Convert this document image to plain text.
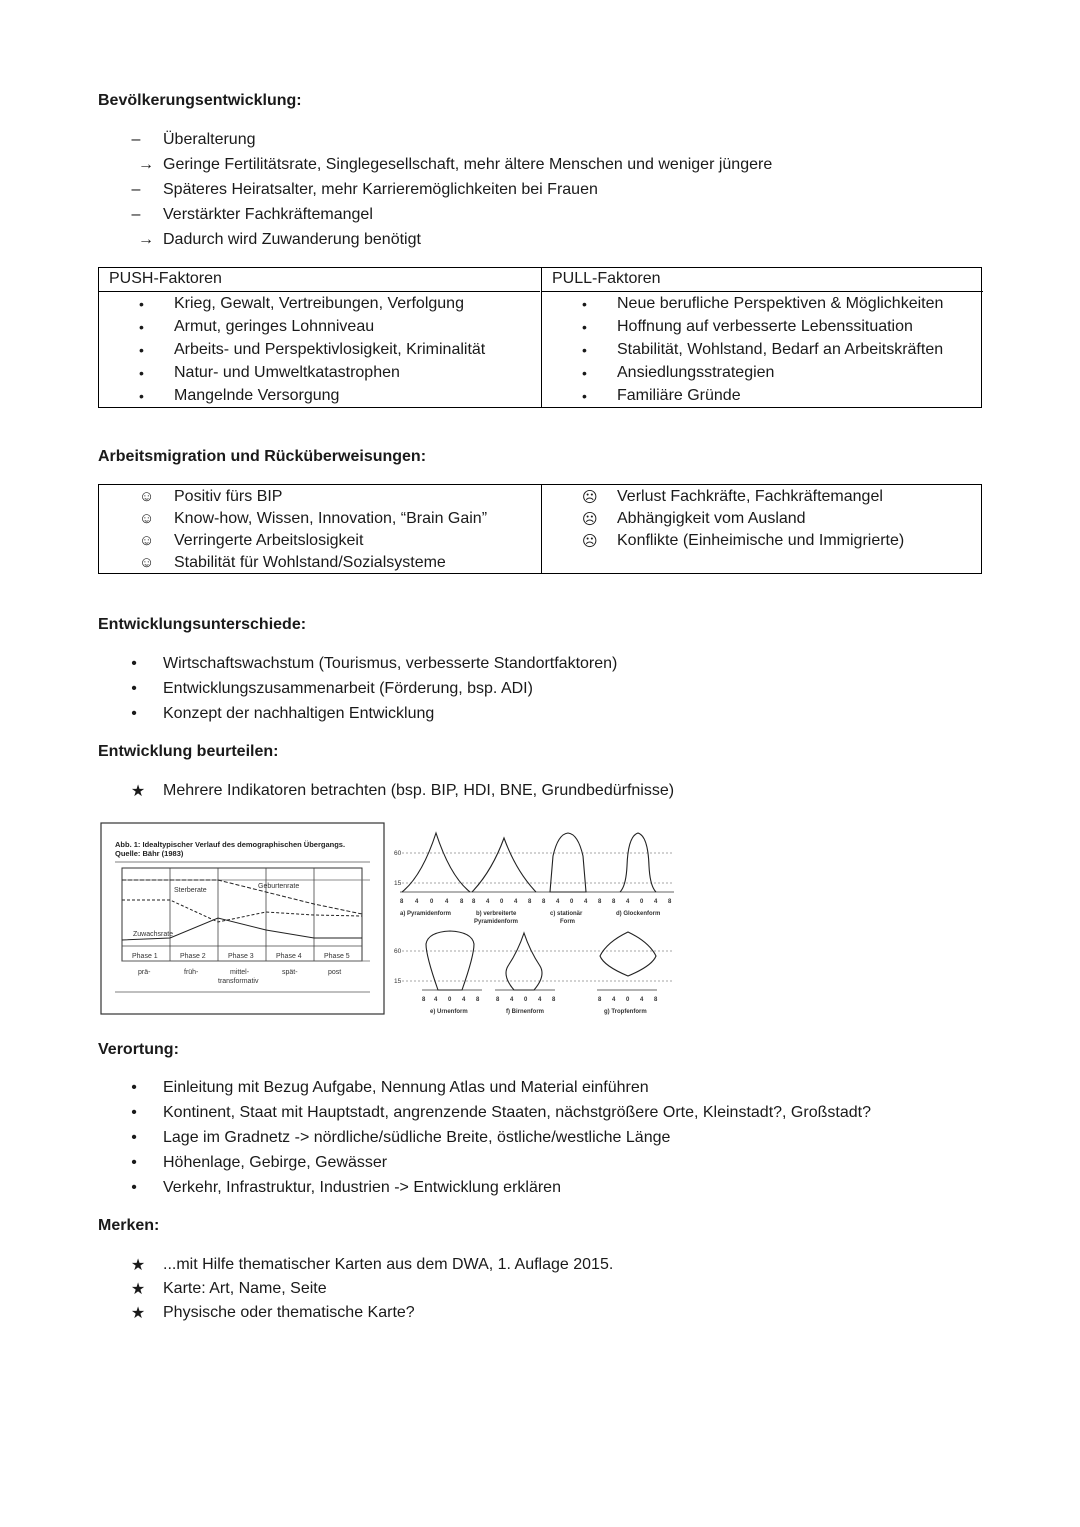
Bevölkerungsentwicklung:
–	Überalterung
→ Geringe Fertilitätsrate, Singlegesellschaft, mehr ältere Menschen und weniger jüngere
–	Späteres Heiratsalter, mehr Karrieremöglichkeiten bei Frauen
–	Verstärkter Fachkräftemangel
→ Dadurch wird Zuwanderung benötigt
PUSH-Faktoren
• Krieg, Gewalt, Vertreibungen, Verfolgung
• Armut, geringes Lohnniveau
• Arbeits- und Perspektivlosigkeit, Kriminalität
• Natur- und Umweltkatastrophen
• Mangelnde Versorgung
PULL-Faktoren
• Neue berufliche Perspektiven & Möglichkeiten
• Hoffnung auf verbesserte Lebenssituation
• Stabilität, Wohlstand, Bedarf an Arbeitskräften
• Ansiedlungsstrategien
• Familiäre Gründe
Arbeitsmigration und Rücküberweisungen:
☺ Positiv fürs BIP
☺ Know-how, Wissen, Innovation, “Brain Gain”
☺ Verringerte Arbeitslosigkeit
☺ Stabilität für Wohlstand/Sozialsysteme
☹ Verlust Fachkräfte, Fachkräftemangel
☹ Abhängigkeit vom Ausland
☹ Konflikte (Einheimische und Immigrierte)
Entwicklungsunterschiede:
•	Wirtschaftswachstum (Tourismus, verbesserte Standortfaktoren)
•	Entwicklungszusammenarbeit (Förderung, bsp. ADI)
•	Konzept der nachhaltigen Entwicklung
Entwicklung beurteilen:
★ Mehrere Indikatoren betrachten (bsp. BIP, HDI, BNE, Grundbedürfnisse)
Abb. 1: Idealtypischer Verlauf des demographischen Übergangs.
Quelle: Bähr (1983)
Sterberate
Geburtenrate
Zuwachsrate
Phase 1	Phase 2	Phase 3	Phase 4	Phase 5
prä-	früh-	mittel-	spät-	post
transformativ
60
15
60
15
8 4 0 4 8 8 4 0 4 8 8 4 0 4 8 8 4 0 4 8
8 4 0 4 8	8 4 0 4 8	8 4 0 4 8
a) Pyramidenform	b) verbreiterte
Pyramidenform
c) stationär
Form
d) Glockenform
e) Urnenform	f) Birnenform	g) Tropfenform
Verortung:
•	Einleitung mit Bezug Aufgabe, Nennung Atlas und Material einführen
•	Kontinent, Staat mit Hauptstadt, angrenzende Staaten, nächstgrößere Orte, Kleinstadt?, Großstadt?
•	Lage im Gradnetz -> nördliche/südliche Breite, östliche/westliche Länge
•	Höhenlage, Gebirge, Gewässer
•	Verkehr, Infrastruktur, Industrien -> Entwicklung erklären
Merken:
★ ...mit Hilfe thematischer Karten aus dem DWA, 1. Auflage 2015.
★ Karte: Art, Name, Seite
★ Physische oder thematische Karte?
